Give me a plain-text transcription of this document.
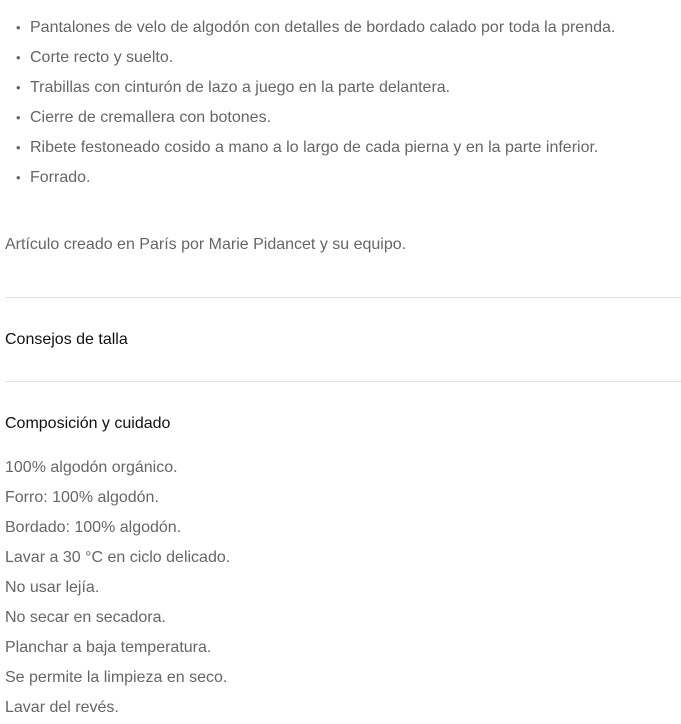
• Pantalones de velo de algodón con detalles de bordado calado por toda la prenda.
• Corte recto y suelto.
• Trabillas con cinturón de lazo a juego en la parte delantera.
• Cierre de cremallera con botones.
• Ribete festoneado cosido a mano a lo largo de cada pierna y en la parte inferior.
• Forrado.

Artículo creado en París por Marie Pidancet y su equipo.

Consejos de talla
Composición y cuidado
100% algodón orgánico.
Forro: 100% algodón.
Bordado: 100% algodón.
Lavar a 30 °C en ciclo delicado.
No usar lejía.
No secar en secadora.
Planchar a baja temperatura.
Se permite la limpieza en seco.
Lavar del revés.
